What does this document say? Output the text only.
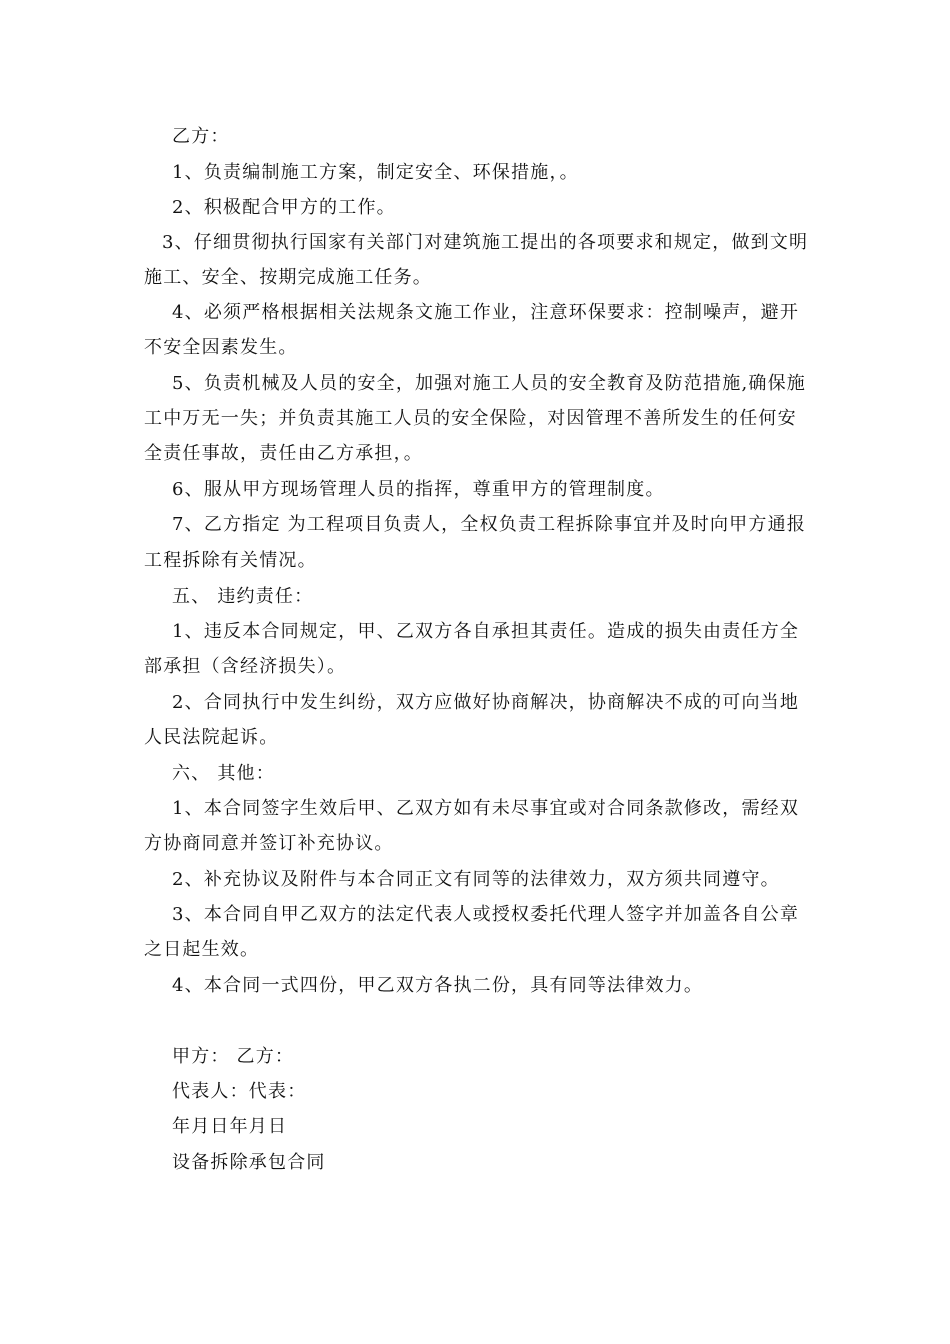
乙方：
1、负责编制施工方案，制定安全、环保措施，。
2、积极配合甲方的工作。
3、仔细贯彻执行国家有关部门对建筑施工提出的各项要求和规定，做到文明
施工、安全、按期完成施工任务。
4、必须严格根据相关法规条文施工作业，注意环保要求：控制噪声，避开
不安全因素发生。
5、负责机械及人员的安全，加强对施工人员的安全教育及防范措施,确保施
工中万无一失；并负责其施工人员的安全保险，对因管理不善所发生的任何安
全责任事故，责任由乙方承担，。
6、服从甲方现场管理人员的指挥，尊重甲方的管理制度。
7、乙方指定 为工程项目负责人，全权负责工程拆除事宜并及时向甲方通报
工程拆除有关情况。
五、 违约责任：
1、违反本合同规定，甲、乙双方各自承担其责任。造成的损失由责任方全
部承担（含经济损失）。
2、合同执行中发生纠纷，双方应做好协商解决，协商解决不成的可向当地
人民法院起诉。
六、 其他：
1、本合同签字生效后甲、乙双方如有未尽事宜或对合同条款修改，需经双
方协商同意并签订补充协议。
2、补充协议及附件与本合同正文有同等的法律效力，双方须共同遵守。
3、本合同自甲乙双方的法定代表人或授权委托代理人签字并加盖各自公章
之日起生效。
4、本合同一式四份，甲乙双方各执二份，具有同等法律效力。
甲方： 乙方：
代表人：代表：
年月日年月日
设备拆除承包合同
